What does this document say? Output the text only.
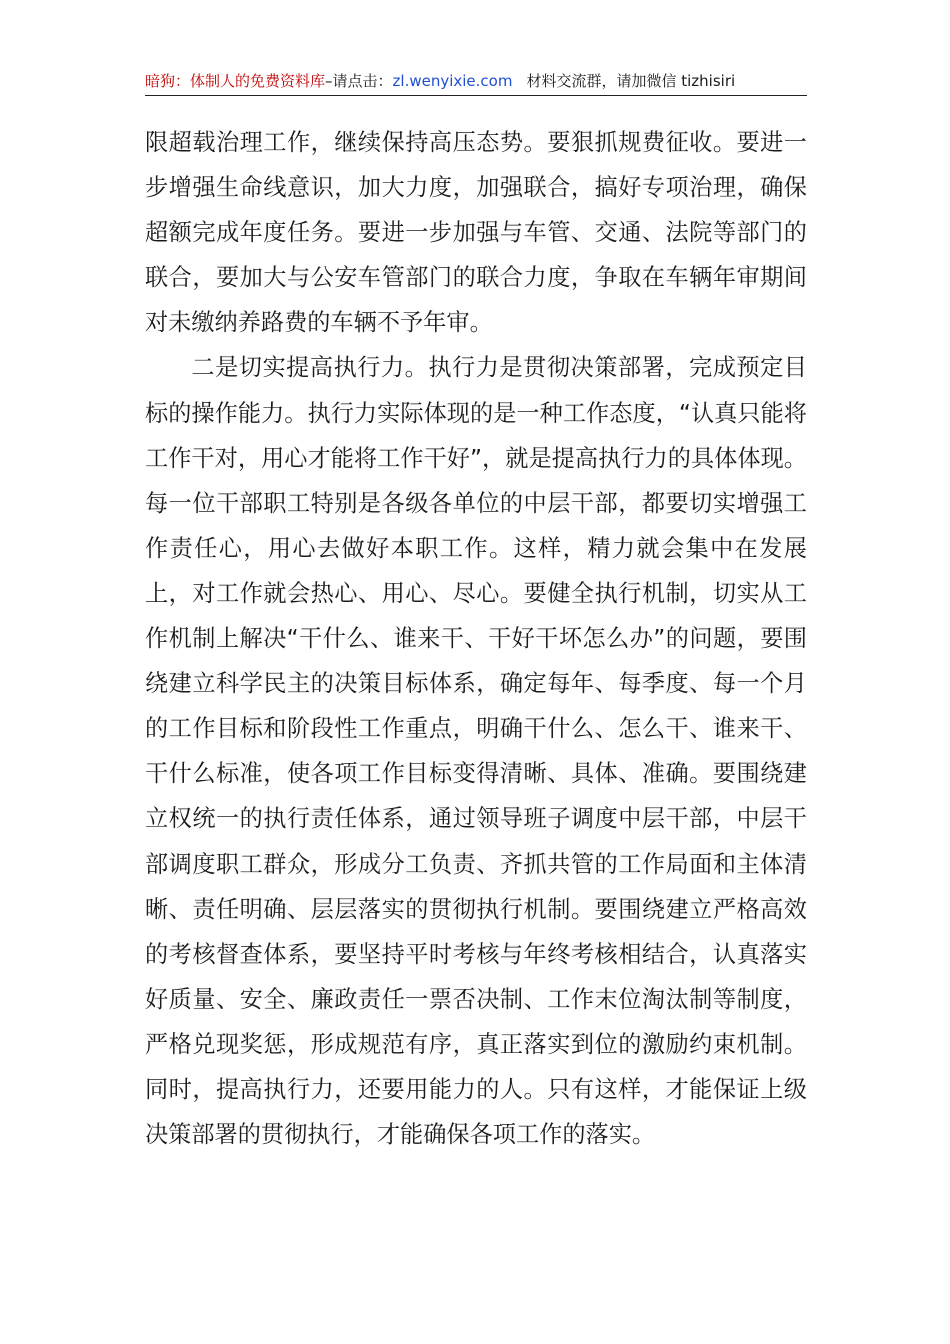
暗狗：体制人的免费资料库–请点击：zl.wenyixie.com 材料交流群，请加微信 tizhisiri

限超载治理工作，继续保持高压态势。要狠抓规费征收。要进一步增强生命线意识，加大力度，加强联合，搞好专项治理，确保超额完成年度任务。要进一步加强与车管、交通、法院等部门的联合，要加大与公安车管部门的联合力度，争取在车辆年审期间对未缴纳养路费的车辆不予年审。

二是切实提高执行力。执行力是贯彻决策部署，完成预定目标的操作能力。执行力实际体现的是一种工作态度，“认真只能将工作干对，用心才能将工作干好”，就是提高执行力的具体体现。每一位干部职工特别是各级各单位的中层干部，都要切实增强工作责任心，用心去做好本职工作。这样，精力就会集中在发展上，对工作就会热心、用心、尽心。要健全执行机制，切实从工作机制上解决“干什么、谁来干、干好干坏怎么办”的问题，要围绕建立科学民主的决策目标体系，确定每年、每季度、每一个月的工作目标和阶段性工作重点，明确干什么、怎么干、谁来干、干什么标准，使各项工作目标变得清晰、具体、准确。要围绕建立权统一的执行责任体系，通过领导班子调度中层干部，中层干部调度职工群众，形成分工负责、齐抓共管的工作局面和主体清晰、责任明确、层层落实的贯彻执行机制。要围绕建立严格高效的考核督查体系，要坚持平时考核与年终考核相结合，认真落实好质量、安全、廉政责任一票否决制、工作末位淘汰制等制度，严格兑现奖惩，形成规范有序，真正落实到位的激励约束机制。同时，提高执行力，还要用能力的人。只有这样，才能保证上级决策部署的贯彻执行，才能确保各项工作的落实。
